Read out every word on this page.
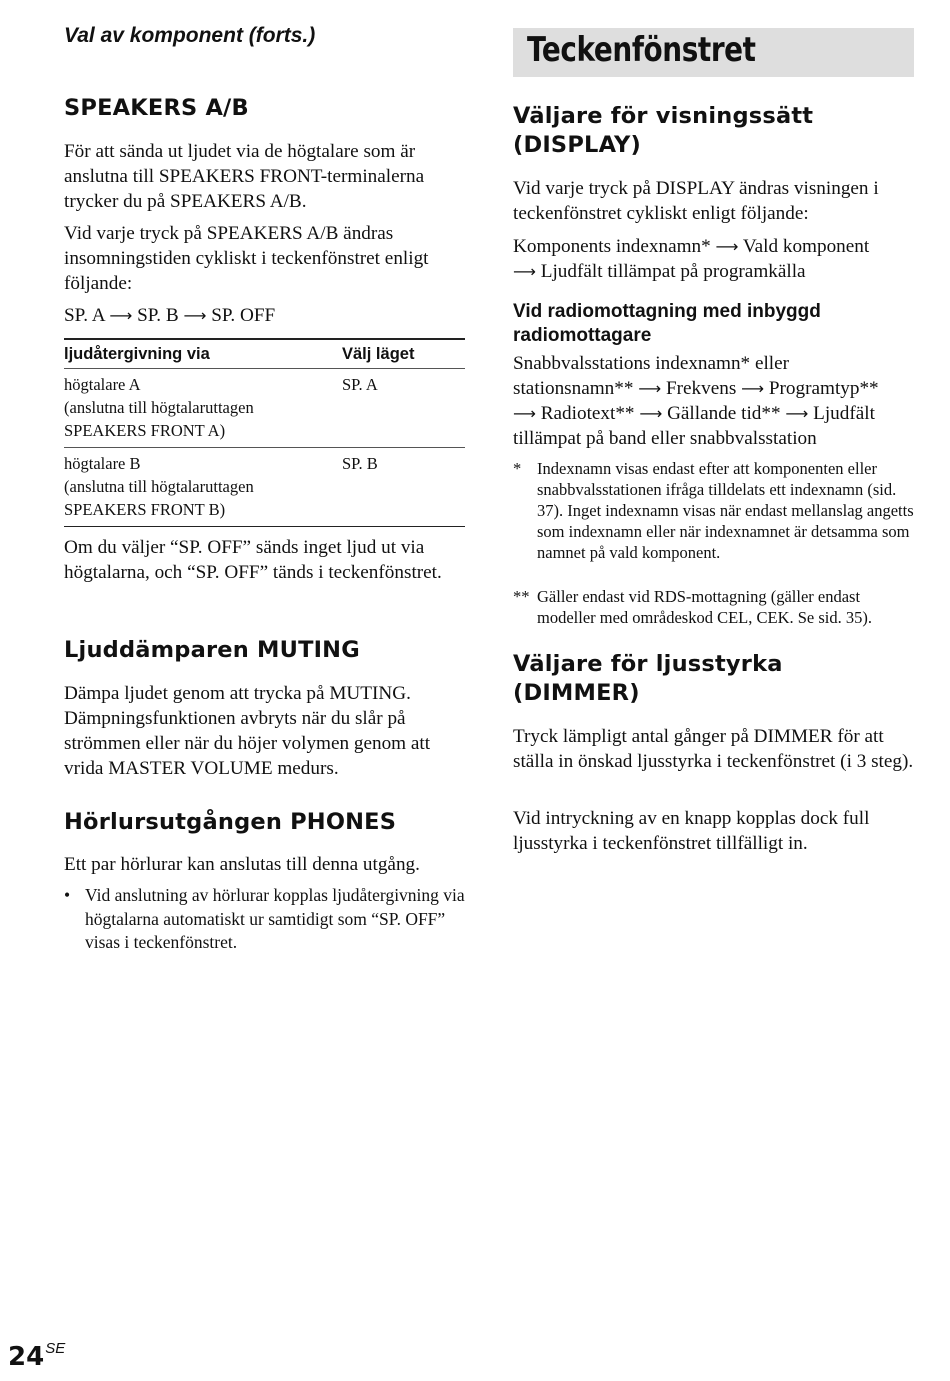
Val av komponent (forts.)
SPEAKERS A/B

För att sända ut ljudet via de högtalare som är anslutna till SPEAKERS FRONT-terminalerna trycker du på SPEAKERS A/B.

Vid varje tryck på SPEAKERS A/B ändras insomningstiden cykliskt i teckenfönstret enligt följande:

SP. A ⟶ SP. B ⟶ SP. OFF

ljudåtergivning via	Välj läget

högtalare A
(anslutna till högtalaruttagen
SPEAKERS FRONT A)	SP. A

högtalare B
(anslutna till högtalaruttagen
SPEAKERS FRONT B)	SP. B

Om du väljer “SP. OFF” sänds inget ljud ut via högtalarna, och “SP. OFF” tänds i teckenfönstret.

Ljuddämparen MUTING

Dämpa ljudet genom att trycka på MUTING. Dämpningsfunktionen avbryts när du slår på strömmen eller när du höjer volymen genom att vrida MASTER VOLUME medurs.

Hörlursutgången PHONES

Ett par hörlurar kan anslutas till denna utgång.

• Vid anslutning av hörlurar kopplas ljudåtergivning via högtalarna automatiskt ur samtidigt som “SP. OFF” visas i teckenfönstret.
Teckenfönstret
Väljare för visningssätt
(DISPLAY)

Vid varje tryck på DISPLAY ändras visningen i teckenfönstret cykliskt enligt följande:

Komponents indexnamn* ⟶ Vald komponent
⟶ Ljudfält tillämpat på programkälla

Vid radiomottagning med inbyggd
radiomottagare

Snabbvalsstations indexnamn* eller
stationsnamn** ⟶ Frekvens ⟶ Programtyp**
⟶ Radiotext** ⟶ Gällande tid** ⟶ Ljudfält
tillämpat på band eller snabbvalsstation

* Indexnamn visas endast efter att komponenten eller snabbvalsstationen ifråga tilldelats ett indexnamn (sid. 37). Inget indexnamn visas när endast mellanslag angetts som indexnamn eller när indexnamnet är detsamma som namnet på vald komponent.
** Gäller endast vid RDS-mottagning (gäller endast modeller med områdeskod CEL, CEK. Se sid. 35).
Väljare för ljusstyrka
(DIMMER)

Tryck lämpligt antal gånger på DIMMER för att ställa in önskad ljusstyrka i teckenfönstret (i 3 steg).

Vid intryckning av en knapp kopplas dock full ljusstyrka i teckenfönstret tillfälligt in.

$24^{SE}$
